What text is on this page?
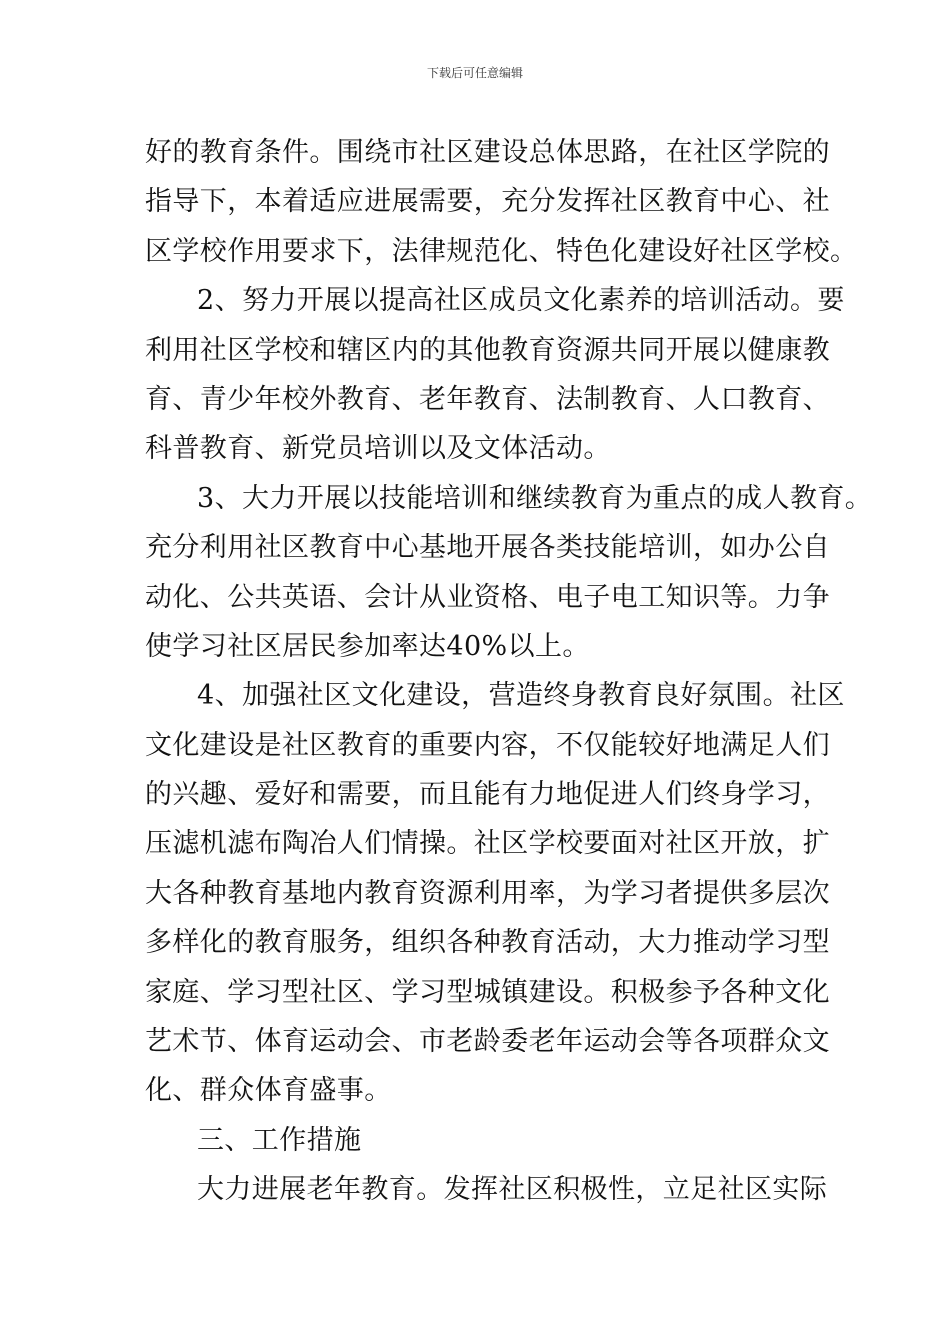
下载后可任意编辑
好的教育条件。围绕市社区建设总体思路，在社区学院的
指导下，本着适应进展需要，充分发挥社区教育中心、社
区学校作用要求下，法律规范化、特色化建设好社区学校。
2、努力开展以提高社区成员文化素养的培训活动。要
利用社区学校和辖区内的其他教育资源共同开展以健康教
育、青少年校外教育、老年教育、法制教育、人口教育、
科普教育、新党员培训以及文体活动。
3、大力开展以技能培训和继续教育为重点的成人教育。
充分利用社区教育中心基地开展各类技能培训，如办公自
动化、公共英语、会计从业资格、电子电工知识等。力争
使学习社区居民参加率达40%以上。
4、加强社区文化建设，营造终身教育良好氛围。社区
文化建设是社区教育的重要内容，不仅能较好地满足人们
的兴趣、爱好和需要，而且能有力地促进人们终身学习，
压滤机滤布陶冶人们情操。社区学校要面对社区开放，扩
大各种教育基地内教育资源利用率，为学习者提供多层次
多样化的教育服务，组织各种教育活动，大力推动学习型
家庭、学习型社区、学习型城镇建设。积极参予各种文化
艺术节、体育运动会、市老龄委老年运动会等各项群众文
化、群众体育盛事。
三、工作措施
大力进展老年教育。发挥社区积极性，立足社区实际
